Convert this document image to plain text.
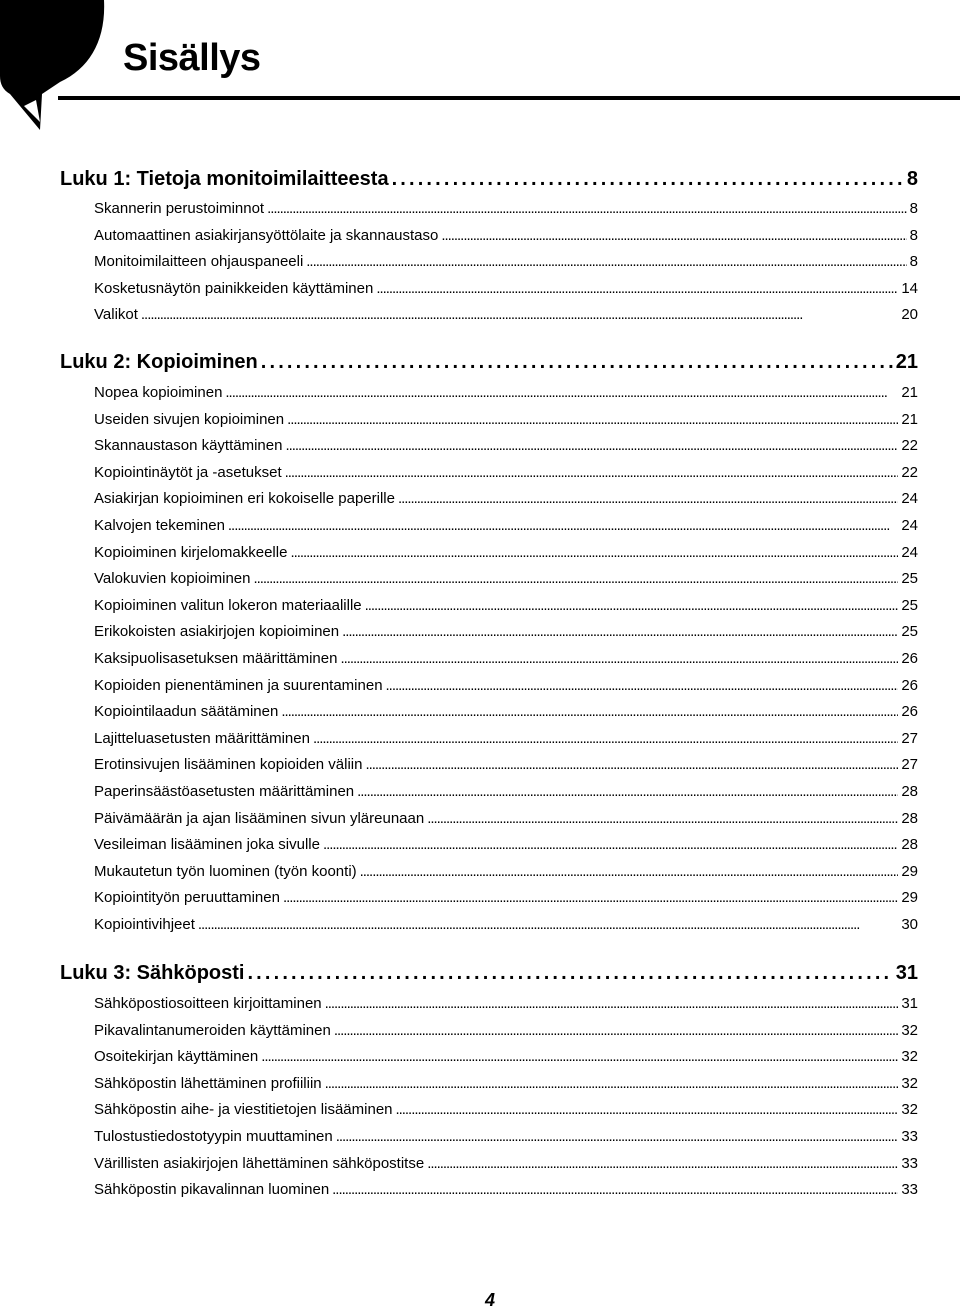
Sisällys
Luku 1: Tietoja monitoimilaitteesta . . .	8
Skannerin perustoiminnot . . .	8
Automaattinen asiakirjansyöttölaite ja skannaustaso . . .	8
Monitoimilaitteen ohjauspaneeli . . .	8
Kosketusnäytön painikkeiden käyttäminen . . .	14
Valikot . . .	20
Luku 2: Kopioiminen . . .	21
Nopea kopioiminen . . .	21
Useiden sivujen kopioiminen . . .	21
Skannaustason käyttäminen . . .	22
Kopiointinäytöt ja -asetukset . . .	22
Asiakirjan kopioiminen eri kokoiselle paperille . . .	24
Kalvojen tekeminen . . .	24
Kopioiminen kirjelomakkeelle . . .	24
Valokuvien kopioiminen . . .	25
Kopioiminen valitun lokeron materiaalille . . .	25
Erikokoisten asiakirjojen kopioiminen . . .	25
Kaksipuolisasetuksen määrittäminen . . .	26
Kopioiden pienentäminen ja suurentaminen . . .	26
Kopiointilaadun säätäminen . . .	26
Lajitteluasetusten määrittäminen . . .	27
Erotinsivujen lisääminen kopioiden väliin . . .	27
Paperinsäästöasetusten määrittäminen . . .	28
Päivämäärän ja ajan lisääminen sivun yläreunaan . . .	28
Vesileiman lisääminen joka sivulle . . .	28
Mukautetun työn luominen (työn koonti) . . .	29
Kopiointityön peruuttaminen . . .	29
Kopiointivihjeet . . .	30
Luku 3: Sähköposti . . .	31
Sähköpostiosoitteen kirjoittaminen . . .	31
Pikavalintanumeroiden käyttäminen . . .	32
Osoitekirjan käyttäminen . . .	32
Sähköpostin lähettäminen profiiliin . . .	32
Sähköpostin aihe- ja viestitietojen lisääminen . . .	32
Tulostustiedostotyypin muuttaminen . . .	33
Värillisten asiakirjojen lähettäminen sähköpostitse . . .	33
Sähköpostin pikavalinnan luominen . . .	33
4
